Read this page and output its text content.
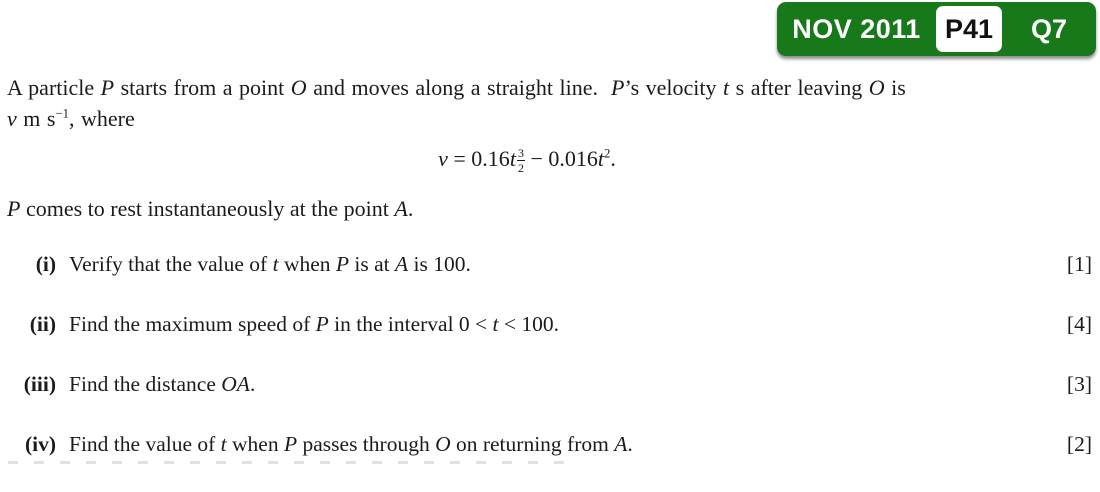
NOV 2011 P41	Q7
A particle P starts from a point O and moves along a straight line.  P’s velocity t s after leaving O is
v m $s^{-1}$, where
$v = 0.16t \frac{3}{2} - 0.016t^2$.
P comes to rest instantaneously at the point A.
(i) Verify that the value of t when P is at A is 100.	[1]
(ii) Find the maximum speed of P in the interval 0 < t < 100.	[4]
(iii) Find the distance OA.	[3]
(iv) Find the value of t when P passes through O on returning from A.	[2]
